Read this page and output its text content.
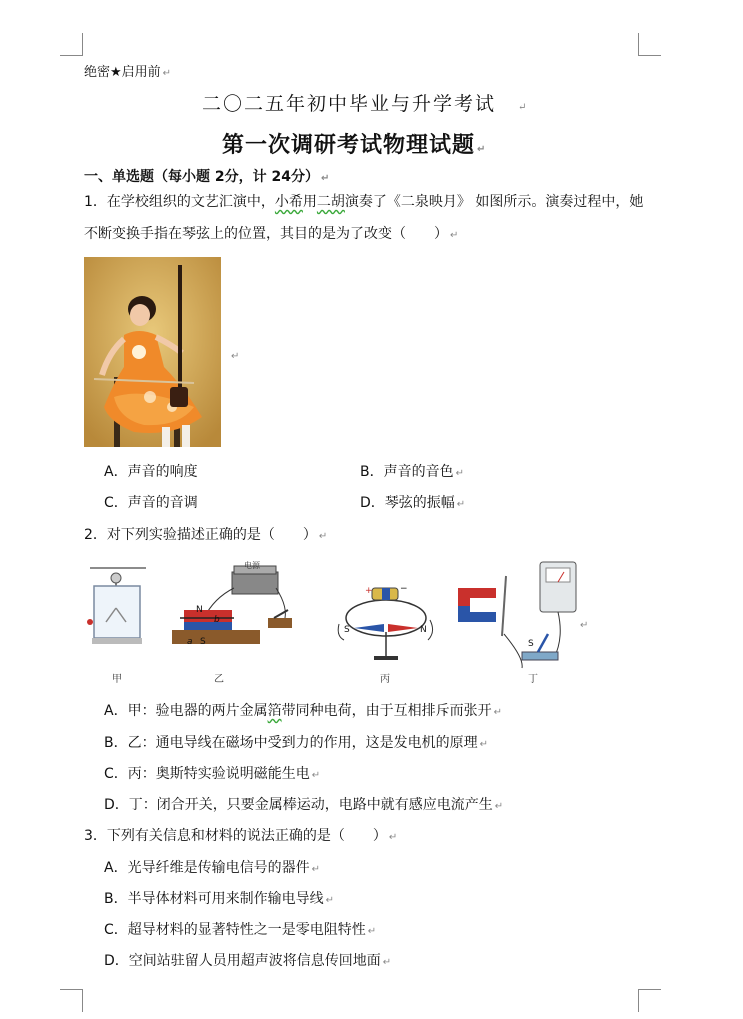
绝密★启用前 ↵
二〇二五年初中毕业与升学考试 ↵
第一次调研考试物理试题 ↵
一、单选题（每小题 2分，计 24分） ↵
1．在学校组织的文艺汇演中，小希用二胡演奏了《二泉映月》 如图所示。演奏过程中，她
不断变换手指在琴弦上的位置，其目的是为了改变（　　） ↵
↵
A．声音的响度	B．声音的音色 ↵
C．声音的音调	D．琴弦的振幅 ↵
2．对下列实验描述正确的是（　　） ↵
电源
N
S
a
b
+	−
S	N
S
↵
甲	乙	丙	丁
A．甲：验电器的两片金属箔带同种电荷，由于互相排斥而张开 ↵
B．乙：通电导线在磁场中受到力的作用，这是发电机的原理 ↵
C．丙：奥斯特实验说明磁能生电 ↵
D．丁：闭合开关，只要金属棒运动，电路中就有感应电流产生 ↵
3．下列有关信息和材料的说法正确的是（　　） ↵
A．光导纤维是传输电信号的器件 ↵
B．半导体材料可用来制作输电导线 ↵
C．超导材料的显著特性之一是零电阻特性 ↵
D．空间站驻留人员用超声波将信息传回地面 ↵
